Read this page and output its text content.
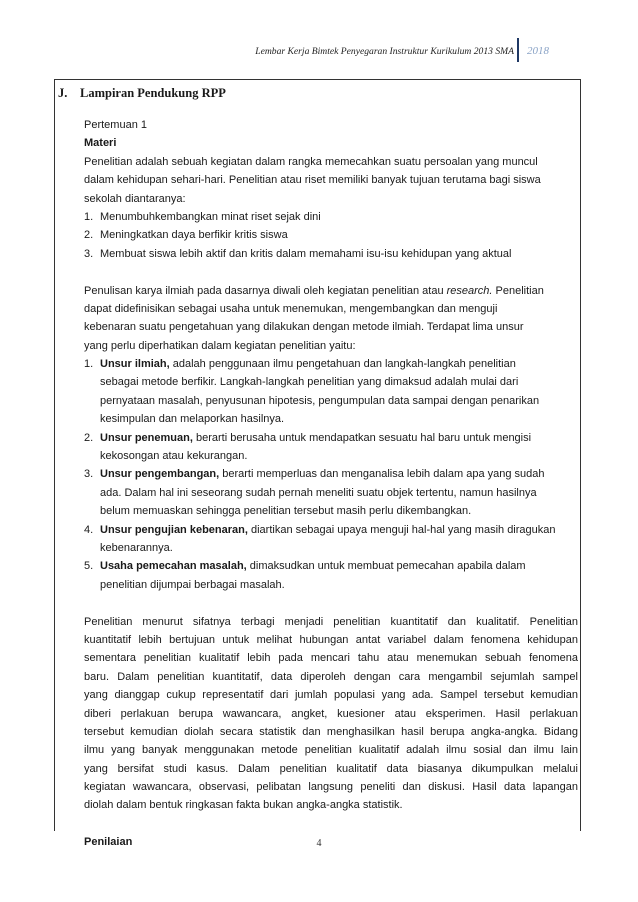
Lembar Kerja Bimtek Penyegaran Instruktur Kurikulum 2013 SMA 2018
J. Lampiran Pendukung RPP
Pertemuan 1
Materi
Penelitian adalah sebuah kegiatan dalam rangka memecahkan suatu persoalan yang muncul
dalam kehidupan sehari-hari. Penelitian atau riset memiliki banyak tujuan terutama bagi siswa
sekolah diantaranya:
1. Menumbuhkembangkan minat riset sejak dini
2. Meningkatkan daya berfikir kritis siswa
3. Membuat siswa lebih aktif dan kritis dalam memahami isu-isu kehidupan yang aktual
Penulisan karya ilmiah pada dasarnya diwali oleh kegiatan penelitian atau research. Penelitian
dapat didefinisikan sebagai usaha untuk menemukan, mengembangkan dan menguji
kebenaran suatu pengetahuan yang dilakukan dengan metode ilmiah. Terdapat lima unsur
yang perlu diperhatikan dalam kegiatan penelitian yaitu:
1. Unsur ilmiah, adalah penggunaan ilmu pengetahuan dan langkah-langkah penelitian
sebagai metode berfikir. Langkah-langkah penelitian yang dimaksud adalah mulai dari
pernyataan masalah, penyusunan hipotesis, pengumpulan data sampai dengan penarikan
kesimpulan dan melaporkan hasilnya.
2. Unsur penemuan, berarti berusaha untuk mendapatkan sesuatu hal baru untuk mengisi
kekosongan atau kekurangan.
3. Unsur pengembangan, berarti memperluas dan menganalisa lebih dalam apa yang sudah
ada. Dalam hal ini seseorang sudah pernah meneliti suatu objek tertentu, namun hasilnya
belum memuaskan sehingga penelitian tersebut masih perlu dikembangkan.
4. Unsur pengujian kebenaran, diartikan sebagai upaya menguji hal-hal yang masih diragukan
kebenarannya.
5. Usaha pemecahan masalah, dimaksudkan untuk membuat pemecahan apabila dalam
penelitian dijumpai berbagai masalah.
Penelitian menurut sifatnya terbagi menjadi penelitian kuantitatif dan kualitatif. Penelitian
kuantitatif lebih bertujuan untuk melihat hubungan antat variabel dalam fenomena kehidupan
sementara penelitian kualitatif lebih pada mencari tahu atau menemukan sebuah fenomena
baru. Dalam penelitian kuantitatif, data diperoleh dengan cara mengambil sejumlah sampel
yang dianggap cukup representatif dari jumlah populasi yang ada. Sampel tersebut kemudian
diberi perlakuan berupa wawancara, angket, kuesioner atau eksperimen. Hasil perlakuan
tersebut kemudian diolah secara statistik dan menghasilkan hasil berupa angka-angka. Bidang
ilmu yang banyak menggunakan metode penelitian kualitatif adalah ilmu sosial dan ilmu lain
yang bersifat studi kasus. Dalam penelitian kualitatif data biasanya dikumpulkan melalui
kegiatan wawancara, observasi, pelibatan langsung peneliti dan diskusi. Hasil data lapangan
diolah dalam bentuk ringkasan fakta bukan angka-angka statistik.
Penilaian	4
